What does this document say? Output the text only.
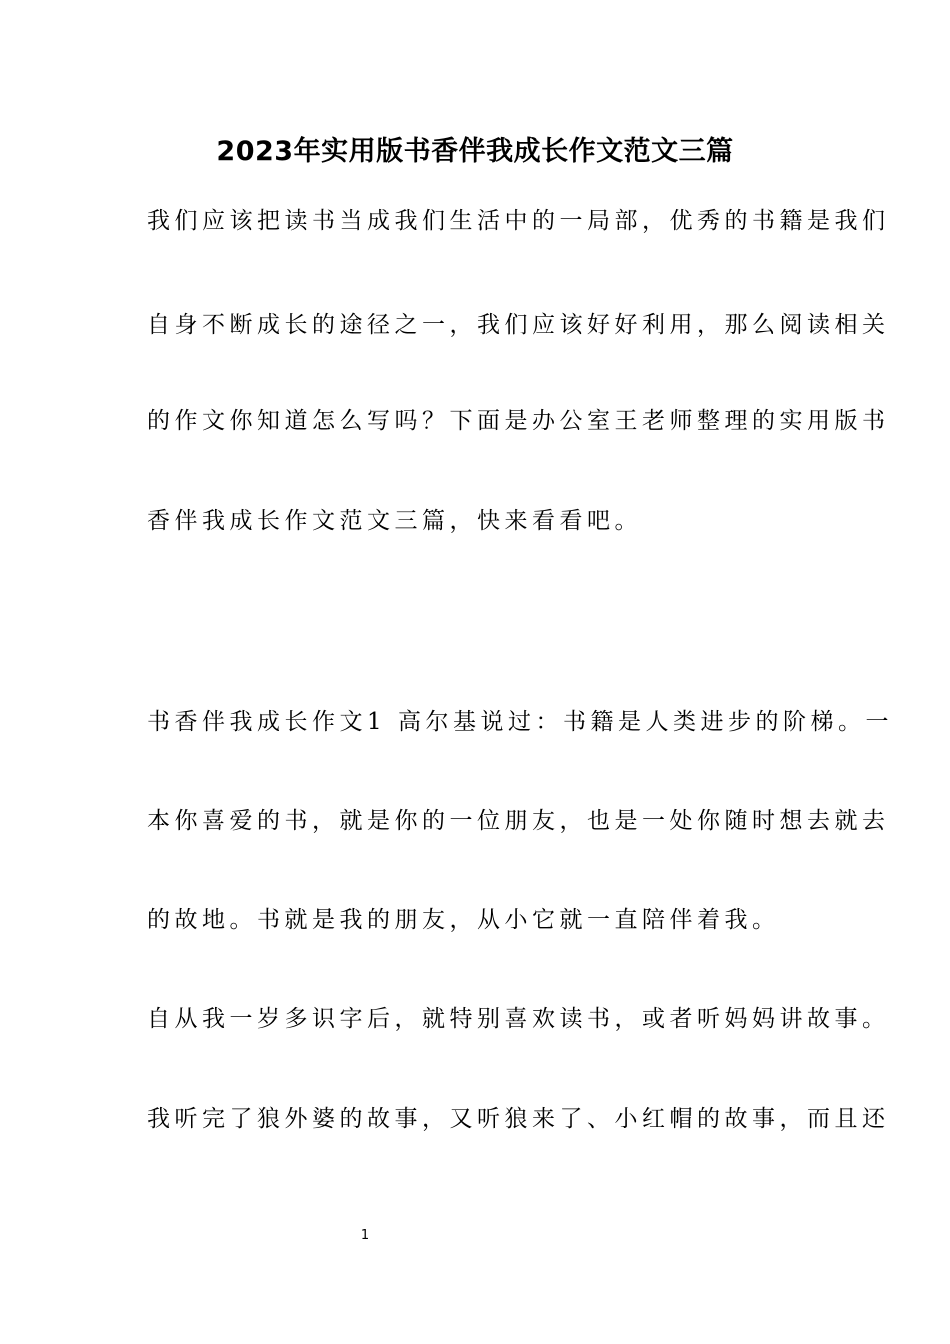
2023年实用版书香伴我成长作文范文三篇
我们应该把读书当成我们生活中的一局部，优秀的书籍是我们
自身不断成长的途径之一，我们应该好好利用，那么阅读相关
的作文你知道怎么写吗？下面是办公室王老师整理的实用版书
香伴我成长作文范文三篇，快来看看吧。
书香伴我成长作文1 高尔基说过：书籍是人类进步的阶梯。一
本你喜爱的书，就是你的一位朋友，也是一处你随时想去就去
的故地。书就是我的朋友，从小它就一直陪伴着我。
自从我一岁多识字后，就特别喜欢读书，或者听妈妈讲故事。
我听完了狼外婆的故事，又听狼来了、小红帽的故事，而且还
1
